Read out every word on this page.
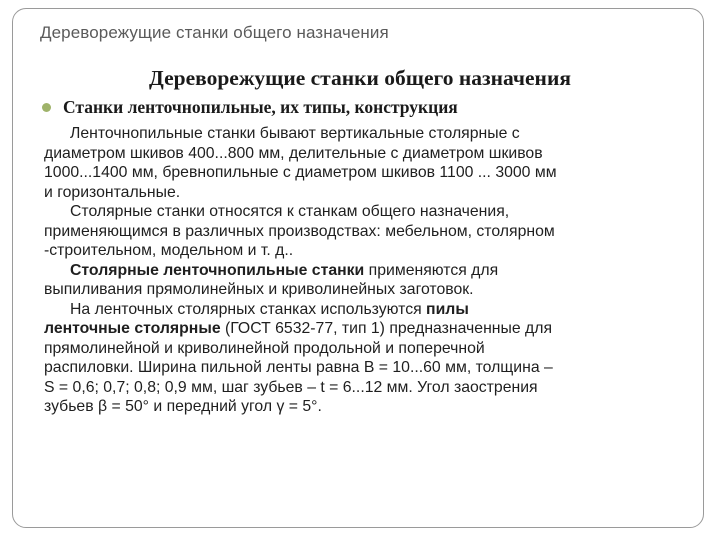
Дереворежущие станки общего назначения
Дереворежущие станки общего назначения
Станки ленточнопильные, их типы, конструкция

Ленточнопильные станки бывают вертикальные столярные с
диаметром шкивов 400...800 мм, делительные с диаметром шкивов
1000...1400 мм, бревнопильные с диаметром шкивов 1100 ... 3000 мм
и горизонтальные.

Столярные станки относятся к станкам общего назначения,
применяющимся в различных производствах: мебельном, столярном
-строительном, модельном и т. д..

Столярные ленточнопильные станки применяются для
выпиливания прямолинейных и криволинейных заготовок.

На ленточных столярных станках используются пилы
ленточные столярные (ГОСТ 6532-77, тип 1) предназначенные для
прямолинейной и криволинейной продольной и поперечной
распиловки. Ширина пильной ленты равна В = 10...60 мм, толщина –
S = 0,6; 0,7; 0,8; 0,9 мм, шаг зубьев – t = 6...12 мм. Угол заострения
зубьев β = 50° и передний угол γ = 5°.
